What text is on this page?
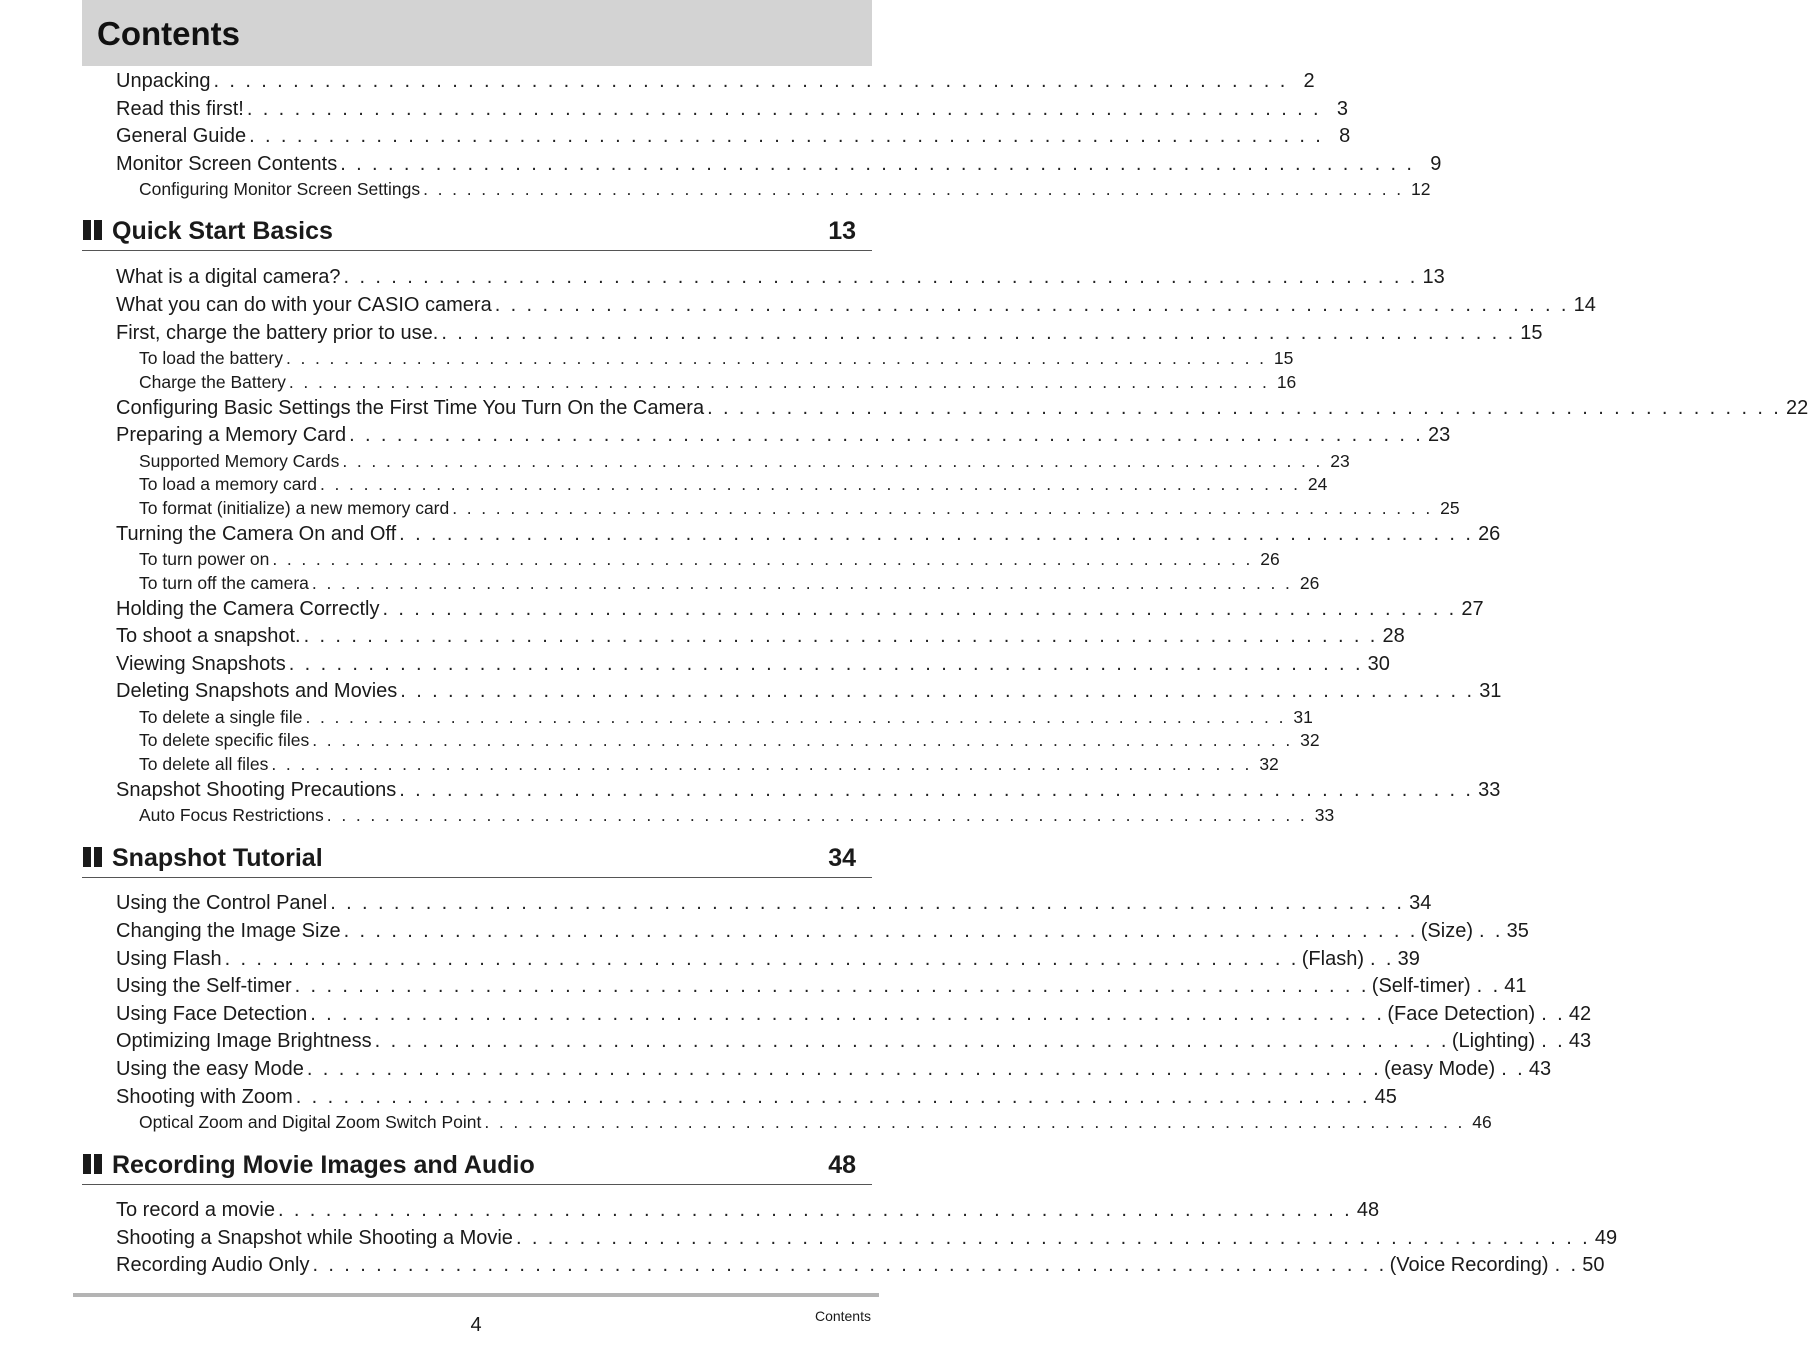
Contents
Unpacking . . . . . . . . . . . . . . . . . . . . . . . . . . . . . . . . . . . . . . . . . . . . . . . . . . . . . . . . . . . . . . . . . . . . 2
Read this first! . . . . . . . . . . . . . . . . . . . . . . . . . . . . . . . . . . . . . . . . . . . . . . . . . . . . . . . . . . . . . . . . . . . . 3
General Guide . . . . . . . . . . . . . . . . . . . . . . . . . . . . . . . . . . . . . . . . . . . . . . . . . . . . . . . . . . . . . . . . . . . . 8
Monitor Screen Contents . . . . . . . . . . . . . . . . . . . . . . . . . . . . . . . . . . . . . . . . . . . . . . . . . . . . . . . . . . . . . . . . . . . . 9
Configuring Monitor Screen Settings . . . . . . . . . . . . . . . . . . . . . . . . . . . . . . . . . . . . . . . . . . . . . . . . . . . . . . . . . . . . . . . . . . . . 12
Quick Start Basics	13
What is a digital camera? . . . . . . . . . . . . . . . . . . . . . . . . . . . . . . . . . . . . . . . . . . . . . . . . . . . . . . . . . . . . . . . . . . . . 13
What you can do with your CASIO camera . . . . . . . . . . . . . . . . . . . . . . . . . . . . . . . . . . . . . . . . . . . . . . . . . . . . . . . . . . . . . . . . . . . . 14
First, charge the battery prior to use. . . . . . . . . . . . . . . . . . . . . . . . . . . . . . . . . . . . . . . . . . . . . . . . . . . . . . . . . . . . . . . . . . . . . 15
To load the battery . . . . . . . . . . . . . . . . . . . . . . . . . . . . . . . . . . . . . . . . . . . . . . . . . . . . . . . . . . . . . . . . . . . . 15
Charge the Battery . . . . . . . . . . . . . . . . . . . . . . . . . . . . . . . . . . . . . . . . . . . . . . . . . . . . . . . . . . . . . . . . . . . . 16
Configuring Basic Settings the First Time You Turn On the Camera . . . . . . . . . . . . . . . . . . . . . . . . . . . . . . . . . . . . . . . . . . . . . . . . . . . . . . . . . . . . . . . . . . . . 22
Preparing a Memory Card . . . . . . . . . . . . . . . . . . . . . . . . . . . . . . . . . . . . . . . . . . . . . . . . . . . . . . . . . . . . . . . . . . . . 23
Supported Memory Cards . . . . . . . . . . . . . . . . . . . . . . . . . . . . . . . . . . . . . . . . . . . . . . . . . . . . . . . . . . . . . . . . . . . . 23
To load a memory card . . . . . . . . . . . . . . . . . . . . . . . . . . . . . . . . . . . . . . . . . . . . . . . . . . . . . . . . . . . . . . . . . . . . 24
To format (initialize) a new memory card . . . . . . . . . . . . . . . . . . . . . . . . . . . . . . . . . . . . . . . . . . . . . . . . . . . . . . . . . . . . . . . . . . . . 25
Turning the Camera On and Off . . . . . . . . . . . . . . . . . . . . . . . . . . . . . . . . . . . . . . . . . . . . . . . . . . . . . . . . . . . . . . . . . . . . 26
To turn power on . . . . . . . . . . . . . . . . . . . . . . . . . . . . . . . . . . . . . . . . . . . . . . . . . . . . . . . . . . . . . . . . . . . . 26
To turn off the camera . . . . . . . . . . . . . . . . . . . . . . . . . . . . . . . . . . . . . . . . . . . . . . . . . . . . . . . . . . . . . . . . . . . . 26
Holding the Camera Correctly . . . . . . . . . . . . . . . . . . . . . . . . . . . . . . . . . . . . . . . . . . . . . . . . . . . . . . . . . . . . . . . . . . . . 27
To shoot a snapshot. . . . . . . . . . . . . . . . . . . . . . . . . . . . . . . . . . . . . . . . . . . . . . . . . . . . . . . . . . . . . . . . . . . . . 28
Viewing Snapshots . . . . . . . . . . . . . . . . . . . . . . . . . . . . . . . . . . . . . . . . . . . . . . . . . . . . . . . . . . . . . . . . . . . . 30
Deleting Snapshots and Movies . . . . . . . . . . . . . . . . . . . . . . . . . . . . . . . . . . . . . . . . . . . . . . . . . . . . . . . . . . . . . . . . . . . . 31
To delete a single file . . . . . . . . . . . . . . . . . . . . . . . . . . . . . . . . . . . . . . . . . . . . . . . . . . . . . . . . . . . . . . . . . . . . 31
To delete specific files . . . . . . . . . . . . . . . . . . . . . . . . . . . . . . . . . . . . . . . . . . . . . . . . . . . . . . . . . . . . . . . . . . . . 32
To delete all files . . . . . . . . . . . . . . . . . . . . . . . . . . . . . . . . . . . . . . . . . . . . . . . . . . . . . . . . . . . . . . . . . . . . 32
Snapshot Shooting Precautions . . . . . . . . . . . . . . . . . . . . . . . . . . . . . . . . . . . . . . . . . . . . . . . . . . . . . . . . . . . . . . . . . . . . 33
Auto Focus Restrictions . . . . . . . . . . . . . . . . . . . . . . . . . . . . . . . . . . . . . . . . . . . . . . . . . . . . . . . . . . . . . . . . . . . . 33
Snapshot Tutorial	34
Using the Control Panel . . . . . . . . . . . . . . . . . . . . . . . . . . . . . . . . . . . . . . . . . . . . . . . . . . . . . . . . . . . . . . . . . . . . 34
Changing the Image Size . . . . . . . . . . . . . . . . . . . . . . . . . . . . . . . . . . . . . . . . . . . . . . . . . . . . . . . . . . . . . . . . . . . . (Size) . . 35
Using Flash . . . . . . . . . . . . . . . . . . . . . . . . . . . . . . . . . . . . . . . . . . . . . . . . . . . . . . . . . . . . . . . . . . . . (Flash) . . 39
Using the Self-timer . . . . . . . . . . . . . . . . . . . . . . . . . . . . . . . . . . . . . . . . . . . . . . . . . . . . . . . . . . . . . . . . . . . . (Self-timer) . . 41
Using Face Detection . . . . . . . . . . . . . . . . . . . . . . . . . . . . . . . . . . . . . . . . . . . . . . . . . . . . . . . . . . . . . . . . . . . . (Face Detection) . . 42
Optimizing Image Brightness . . . . . . . . . . . . . . . . . . . . . . . . . . . . . . . . . . . . . . . . . . . . . . . . . . . . . . . . . . . . . . . . . . . . (Lighting) . . 43
Using the easy Mode . . . . . . . . . . . . . . . . . . . . . . . . . . . . . . . . . . . . . . . . . . . . . . . . . . . . . . . . . . . . . . . . . . . . (easy Mode) . . 43
Shooting with Zoom . . . . . . . . . . . . . . . . . . . . . . . . . . . . . . . . . . . . . . . . . . . . . . . . . . . . . . . . . . . . . . . . . . . . 45
Optical Zoom and Digital Zoom Switch Point . . . . . . . . . . . . . . . . . . . . . . . . . . . . . . . . . . . . . . . . . . . . . . . . . . . . . . . . . . . . . . . . . . . . 46
Recording Movie Images and Audio	48
To record a movie . . . . . . . . . . . . . . . . . . . . . . . . . . . . . . . . . . . . . . . . . . . . . . . . . . . . . . . . . . . . . . . . . . . . 48
Shooting a Snapshot while Shooting a Movie . . . . . . . . . . . . . . . . . . . . . . . . . . . . . . . . . . . . . . . . . . . . . . . . . . . . . . . . . . . . . . . . . . . . 49
Recording Audio Only . . . . . . . . . . . . . . . . . . . . . . . . . . . . . . . . . . . . . . . . . . . . . . . . . . . . . . . . . . . . . . . . . . . . (Voice Recording) . . 50
4	Contents
